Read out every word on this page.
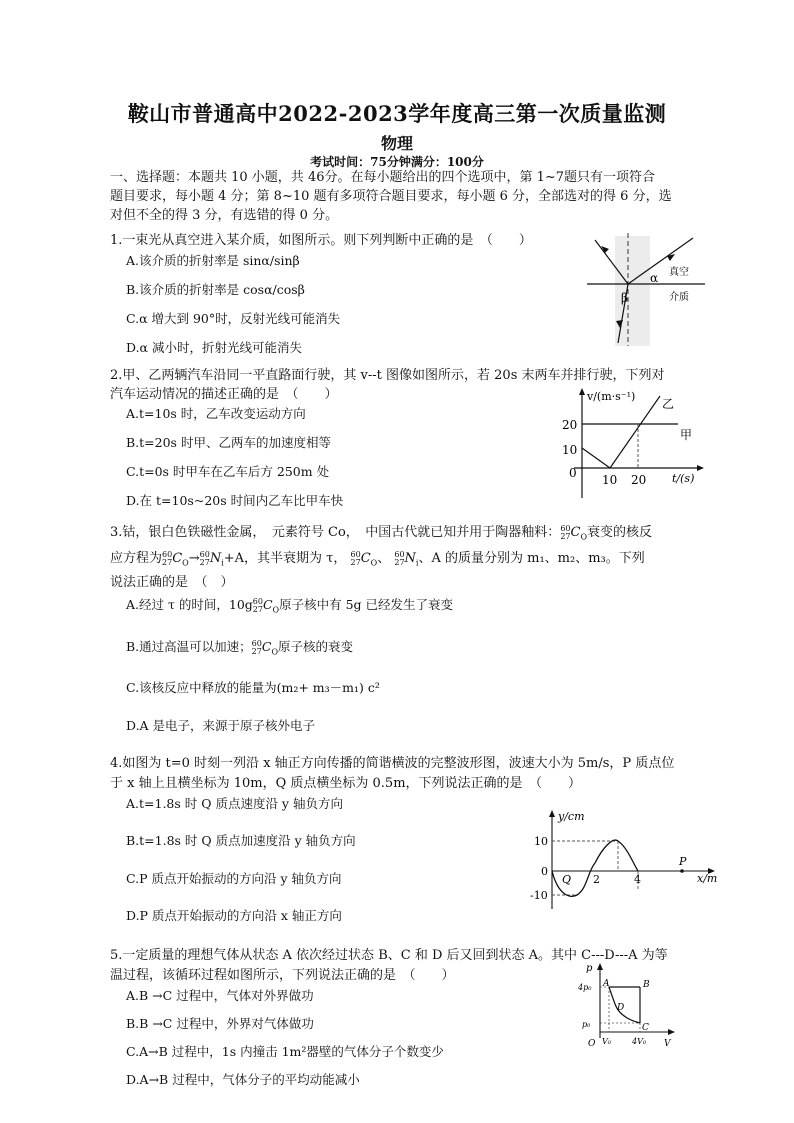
鞍山市普通高中2022-2023学年度高三第一次质量监测
物理
考试时间：75分钟满分：100分
一、选择题：本题共 10 小题，共 46分。在每小题给出的四个选项中，第 1~7题只有一项符合
题目要求，每小题 4 分；第 8~10 题有多项符合题目要求，每小题 6 分，全部选对的得 6 分，选
对但不全的得 3 分，有选错的得 0 分。
1.一束光从真空进入某介质，如图所示。则下列判断中正确的是　（　　）
A.该介质的折射率是 sinα/sinβ
B.该介质的折射率是 cosα/cosβ
C.α 增大到 90°时，反射光线可能消失
D.α 减小时，折射光线可能消失
α
β
真空
介质
2.甲、乙两辆汽车沿同一平直路面行驶，其 v--t 图像如图所示，若 20s 末两车并排行驶，下列对
汽车运动情况的描述正确的是　（　　）
A.t=10s 时，乙车改变运动方向
B.t=20s 时甲、乙两车的加速度相等
C.t=0s 时甲车在乙车后方 250m 处
D.在 t=10s~20s 时间内乙车比甲车快
v/(m·s⁻¹)
t/(s)
20
10
0 10 20
甲
乙
3.钴，银白色铁磁性金属，　元素符号 Co，　中国古代就已知并用于陶器釉料：60
$27C_O$衰变的核反
应方程为60
$27C_O\to 60$
$27N_i+A$，其半衰期为 τ， 60
$27C_O$、 60
$27N_i$、A 的质量分别为 m₁、m₂、m₃。下列
说法正确的是　（　）
A.经过 τ 的时间，10g60
$27C_O$原子核中有 5g 已经发生了衰变
B.通过高温可以加速；60
$27C_O$原子核的衰变
C.该核反应中释放的能量为(m₂+ m₃－m₁) c²
D.A 是电子，来源于原子核外电子
4.如图为 t=0 时刻一列沿 x 轴正方向传播的简谐横波的完整波形图，波速大小为 5m/s，P 质点位
于 x 轴上且横坐标为 10m，Q 质点横坐标为 0.5m，下列说法正确的是　（　　）
A.t=1.8s 时 Q 质点速度沿 y 轴负方向
B.t=1.8s 时 Q 质点加速度沿 y 轴负方向
C.P 质点开始振动的方向沿 y 轴负方向
D.P 质点开始振动的方向沿 x 轴正方向
y/cm
x/m
10
-10
0
2	4
Q
P
5.一定质量的理想气体从状态 A 依次经过状态 B、C 和 D 后又回到状态 A。其中 C---D---A 为等
温过程，该循环过程如图所示，下列说法正确的是　（　　）
A.B →C 过程中，气体对外界做功
B.B →C 过程中，外界对气体做功
C.A→B 过程中，1s 内撞击 1m²器壁的气体分子个数变少
D.A→B 过程中，气体分子的平均动能减小
p
V
O
4p₀
p₀
V₀	4V₀
A	B
C
D
